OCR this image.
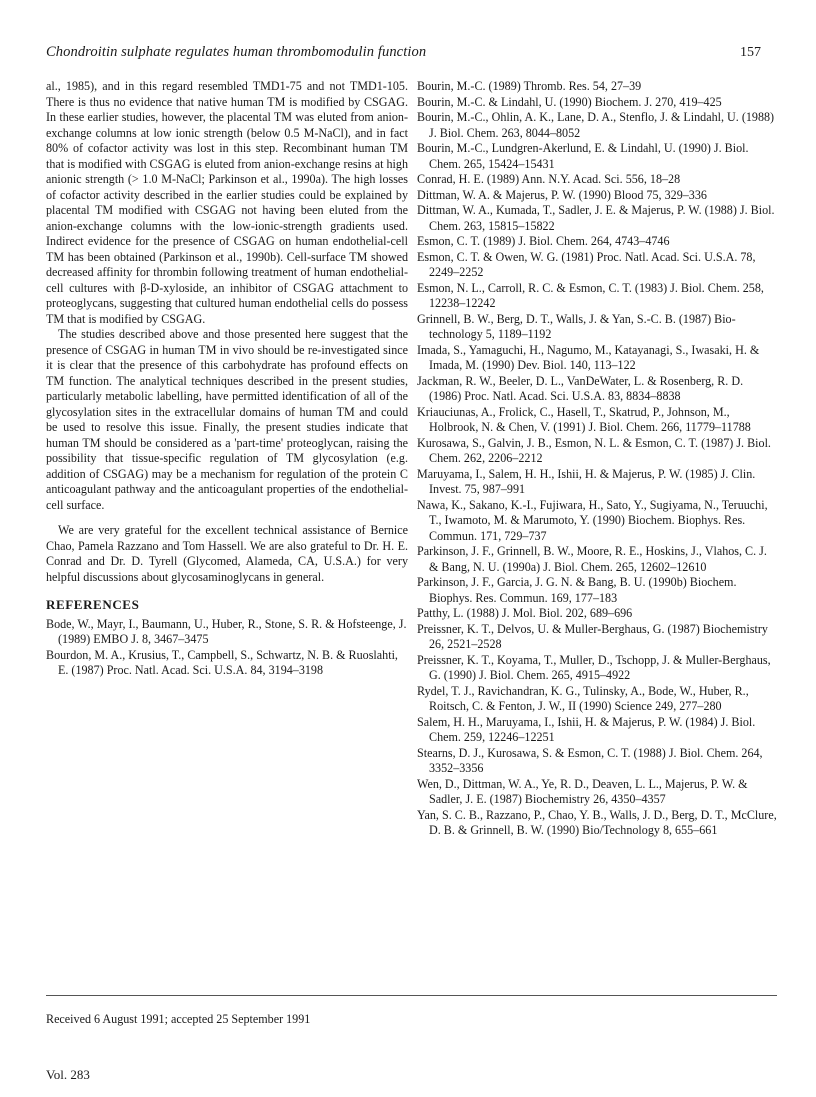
Chondroitin sulphate regulates human thrombomodulin function	157

al., 1985), and in this regard resembled TMD1-75 and not TMD1-105. There is thus no evidence that native human TM is modified by CSGAG. In these earlier studies, however, the placental TM was eluted from anion-exchange columns at low ionic strength (below 0.5 M-NaCl), and in fact 80% of cofactor activity was lost in this step. Recombinant human TM that is modified with CSGAG is eluted from anion-exchange resins at high anionic strength (> 1.0 M-NaCl; Parkinson et al., 1990a). The high losses of cofactor activity described in the earlier studies could be explained by placental TM modified with CSGAG not having been eluted from the anion-exchange columns with the low-ionic-strength gradients used. Indirect evidence for the presence of CSGAG on human endothelial-cell TM has been obtained (Parkinson et al., 1990b). Cell-surface TM showed decreased affinity for thrombin following treatment of human endothelial-cell cultures with β-D-xyloside, an inhibitor of CSGAG attachment to proteoglycans, suggesting that cultured human endothelial cells do possess TM that is modified by CSGAG.

The studies described above and those presented here suggest that the presence of CSGAG in human TM in vivo should be re-investigated since it is clear that the presence of this carbohydrate has profound effects on TM function. The analytical techniques described in the present studies, particularly metabolic labelling, have permitted identification of all of the glycosylation sites in the extracellular domains of human TM and could be used to resolve this issue. Finally, the present studies indicate that human TM should be considered as a 'part-time' proteoglycan, raising the possibility that tissue-specific regulation of TM glycosylation (e.g. addition of CSGAG) may be a mechanism for regulation of the protein C anticoagulant pathway and the anticoagulant properties of the endothelial-cell surface.

We are very grateful for the excellent technical assistance of Bernice Chao, Pamela Razzano and Tom Hassell. We are also grateful to Dr. H. E. Conrad and Dr. D. Tyrell (Glycomed, Alameda, CA, U.S.A.) for very helpful discussions about glycosaminoglycans in general.

REFERENCES

Bode, W., Mayr, I., Baumann, U., Huber, R., Stone, S. R. & Hofsteenge, J. (1989) EMBO J. 8, 3467–3475

Bourdon, M. A., Krusius, T., Campbell, S., Schwartz, N. B. & Ruoslahti, E. (1987) Proc. Natl. Acad. Sci. U.S.A. 84, 3194–3198

Bourin, M.-C. (1989) Thromb. Res. 54, 27–39

Bourin, M.-C. & Lindahl, U. (1990) Biochem. J. 270, 419–425

Bourin, M.-C., Ohlin, A. K., Lane, D. A., Stenflo, J. & Lindahl, U. (1988) J. Biol. Chem. 263, 8044–8052

Bourin, M.-C., Lundgren-Akerlund, E. & Lindahl, U. (1990) J. Biol. Chem. 265, 15424–15431

Conrad, H. E. (1989) Ann. N.Y. Acad. Sci. 556, 18–28

Dittman, W. A. & Majerus, P. W. (1990) Blood 75, 329–336

Dittman, W. A., Kumada, T., Sadler, J. E. & Majerus, P. W. (1988) J. Biol. Chem. 263, 15815–15822

Esmon, C. T. (1989) J. Biol. Chem. 264, 4743–4746

Esmon, C. T. & Owen, W. G. (1981) Proc. Natl. Acad. Sci. U.S.A. 78, 2249–2252

Esmon, N. L., Carroll, R. C. & Esmon, C. T. (1983) J. Biol. Chem. 258, 12238–12242

Grinnell, B. W., Berg, D. T., Walls, J. & Yan, S.-C. B. (1987) Bio-technology 5, 1189–1192

Imada, S., Yamaguchi, H., Nagumo, M., Katayanagi, S., Iwasaki, H. & Imada, M. (1990) Dev. Biol. 140, 113–122

Jackman, R. W., Beeler, D. L., VanDeWater, L. & Rosenberg, R. D. (1986) Proc. Natl. Acad. Sci. U.S.A. 83, 8834–8838

Kriaucіunas, A., Frolick, C., Hasell, T., Skatrud, P., Johnson, M., Holbrook, N. & Chen, V. (1991) J. Biol. Chem. 266, 11779–11788

Kurosawa, S., Galvin, J. B., Esmon, N. L. & Esmon, C. T. (1987) J. Biol. Chem. 262, 2206–2212

Maruyama, I., Salem, H. H., Ishii, H. & Majerus, P. W. (1985) J. Clin. Invest. 75, 987–991

Nawa, K., Sakano, K.-I., Fujiwara, H., Sato, Y., Sugiyama, N., Teruuchi, T., Iwamoto, M. & Marumoto, Y. (1990) Biochem. Biophys. Res. Commun. 171, 729–737

Parkinson, J. F., Grinnell, B. W., Moore, R. E., Hoskins, J., Vlahos, C. J. & Bang, N. U. (1990a) J. Biol. Chem. 265, 12602–12610

Parkinson, J. F., Garcia, J. G. N. & Bang, B. U. (1990b) Biochem. Biophys. Res. Commun. 169, 177–183

Patthy, L. (1988) J. Mol. Biol. 202, 689–696

Preissner, K. T., Delvos, U. & Muller-Berghaus, G. (1987) Biochemistry 26, 2521–2528

Preissner, K. T., Koyama, T., Muller, D., Tschopp, J. & Muller-Berghaus, G. (1990) J. Biol. Chem. 265, 4915–4922

Rydel, T. J., Ravichandran, K. G., Tulinsky, A., Bode, W., Huber, R., Roitsch, C. & Fenton, J. W., II (1990) Science 249, 277–280

Salem, H. H., Maruyama, I., Ishii, H. & Majerus, P. W. (1984) J. Biol. Chem. 259, 12246–12251

Stearns, D. J., Kurosawa, S. & Esmon, C. T. (1988) J. Biol. Chem. 264, 3352–3356

Wen, D., Dittman, W. A., Ye, R. D., Deaven, L. L., Majerus, P. W. & Sadler, J. E. (1987) Biochemistry 26, 4350–4357

Yan, S. C. B., Razzano, P., Chao, Y. B., Walls, J. D., Berg, D. T., McClure, D. B. & Grinnell, B. W. (1990) Bio/Technology 8, 655–661

Received 6 August 1991; accepted 25 September 1991
Vol. 283
